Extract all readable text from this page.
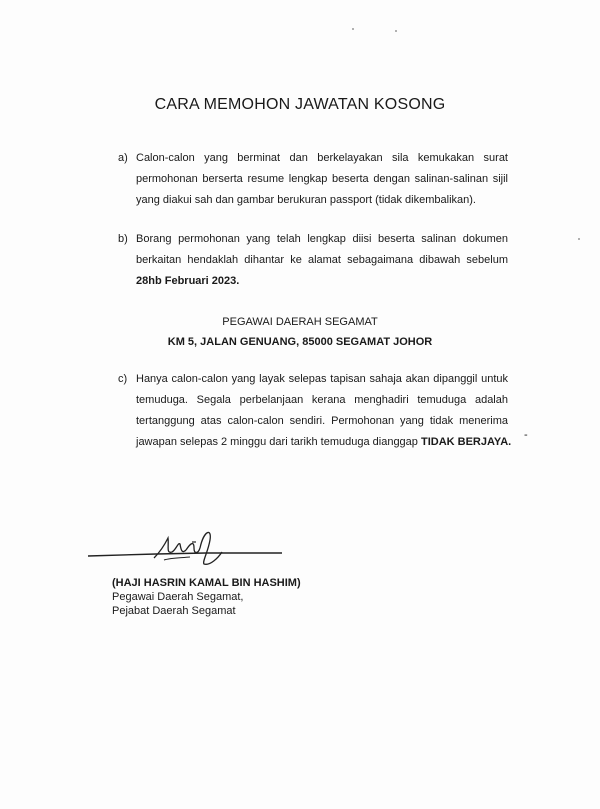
CARA MEMOHON JAWATAN KOSONG
a) Calon-calon yang berminat dan berkelayakan sila kemukakan surat
permohonan berserta resume lengkap beserta dengan salinan-salinan sijil
yang diakui sah dan gambar berukuran passport (tidak dikembalikan).
b) Borang permohonan yang telah lengkap diisi beserta salinan dokumen
berkaitan hendaklah dihantar ke alamat sebagaimana dibawah sebelum
28hb Februari 2023.
PEGAWAI DAERAH SEGAMAT
KM 5, JALAN GENUANG, 85000 SEGAMAT JOHOR
c) Hanya calon-calon yang layak selepas tapisan sahaja akan dipanggil untuk
temuduga. Segala perbelanjaan kerana menghadiri temuduga adalah
tertanggung atas calon-calon sendiri. Permohonan yang tidak menerima
jawapan selepas 2 minggu dari tarikh temuduga dianggap TIDAK BERJAYA.
-
(HAJI HASRIN KAMAL BIN HASHIM)
Pegawai Daerah Segamat,
Pejabat Daerah Segamat
